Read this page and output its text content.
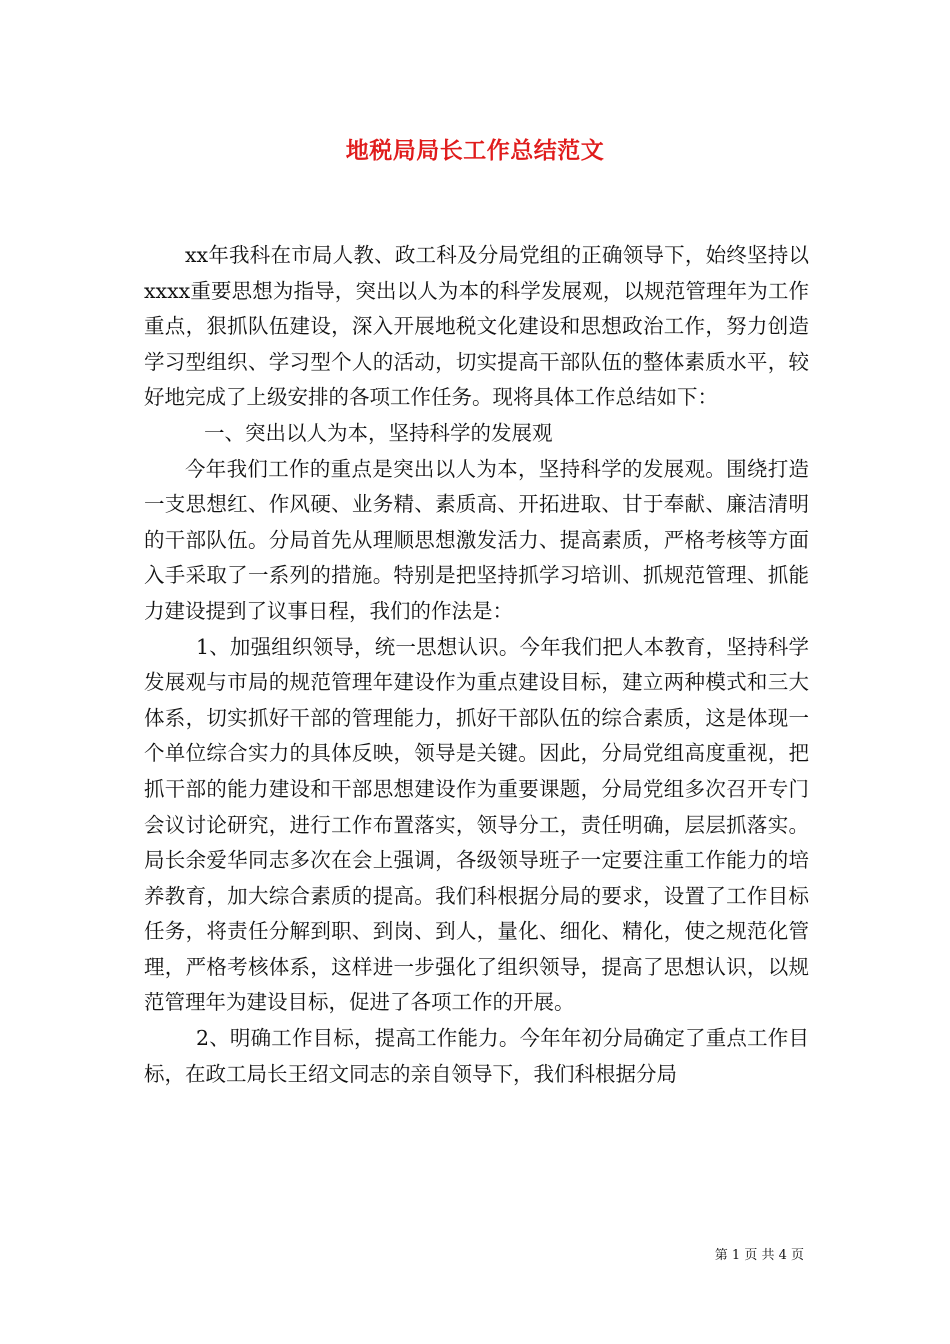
地税局局长工作总结范文

xx年我科在市局人教、政工科及分局党组的正确领导下，始终坚持以xxxx重要思想为指导，突出以人为本的科学发展观，以规范管理年为工作重点，狠抓队伍建设，深入开展地税文化建设和思想政治工作，努力创造学习型组织、学习型个人的活动，切实提高干部队伍的整体素质水平，较好地完成了上级安排的各项工作任务。现将具体工作总结如下：

一、突出以人为本，坚持科学的发展观

今年我们工作的重点是突出以人为本，坚持科学的发展观。围绕打造一支思想红、作风硬、业务精、素质高、开拓进取、甘于奉献、廉洁清明的干部队伍。分局首先从理顺思想激发活力、提高素质，严格考核等方面入手采取了一系列的措施。特别是把坚持抓学习培训、抓规范管理、抓能力建设提到了议事日程，我们的作法是：

1、加强组织领导，统一思想认识。今年我们把人本教育，坚持科学发展观与市局的规范管理年建设作为重点建设目标，建立两种模式和三大体系，切实抓好干部的管理能力，抓好干部队伍的综合素质，这是体现一个单位综合实力的具体反映，领导是关键。因此，分局党组高度重视，把抓干部的能力建设和干部思想建设作为重要课题，分局党组多次召开专门会议讨论研究，进行工作布置落实，领导分工，责任明确，层层抓落实。局长余爱华同志多次在会上强调，各级领导班子一定要注重工作能力的培养教育，加大综合素质的提高。我们科根据分局的要求，设置了工作目标任务，将责任分解到职、到岗、到人，量化、细化、精化，使之规范化管理，严格考核体系，这样进一步强化了组织领导，提高了思想认识，以规范管理年为建设目标，促进了各项工作的开展。

2、明确工作目标，提高工作能力。今年年初分局确定了重点工作目标，在政工局长王绍文同志的亲自领导下，我们科根据分局

第 1 页 共 4 页
